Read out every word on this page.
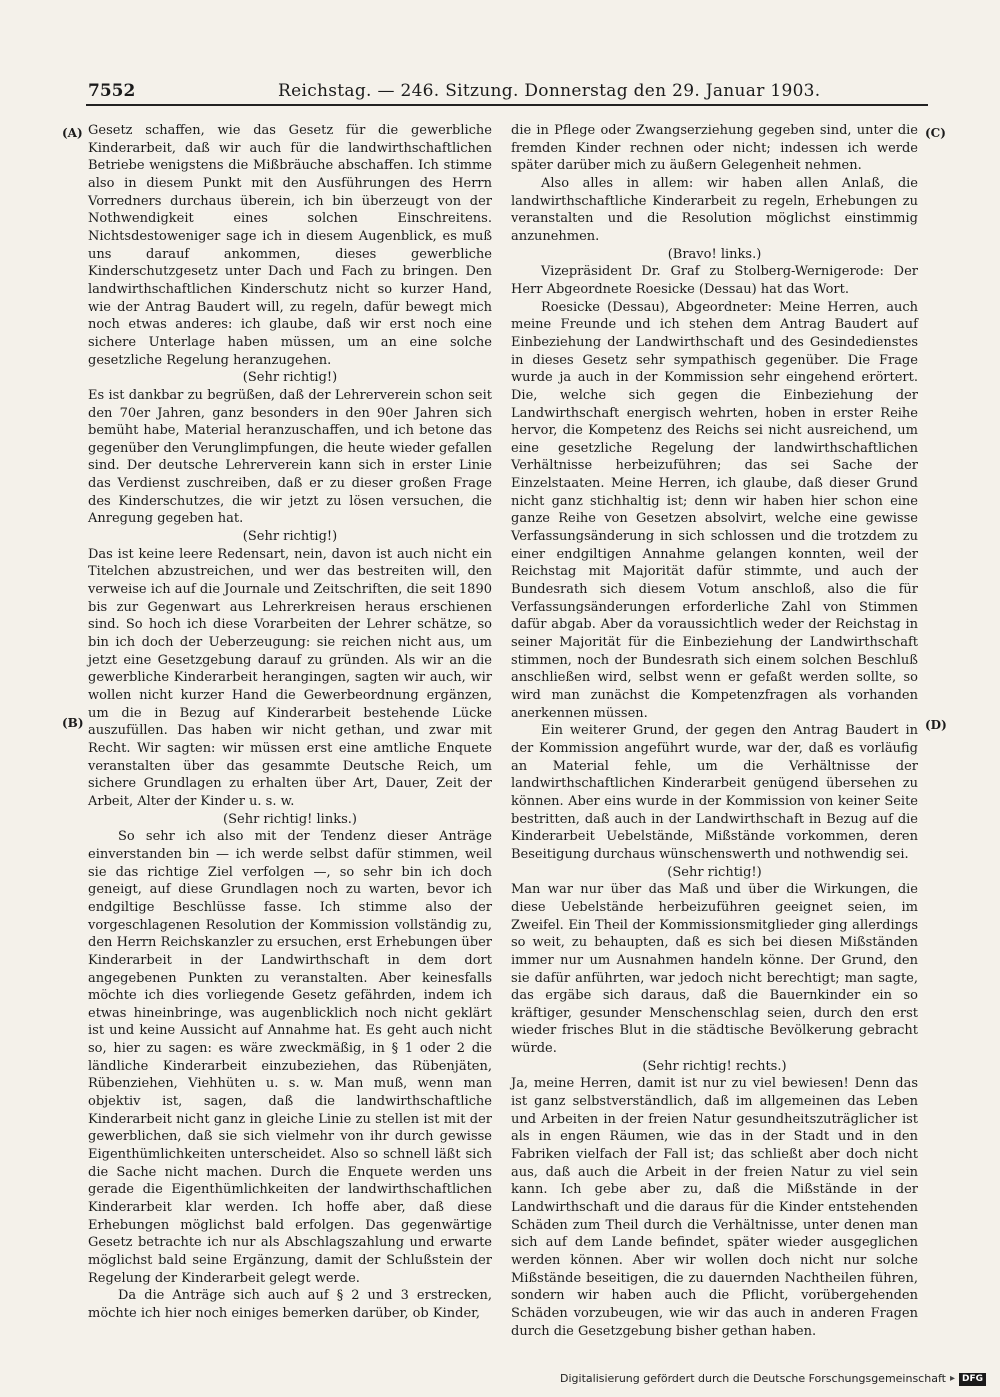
7552	Reichstag. — 246. Sitzung. Donnerstag den 29. Januar 1903.
(A)
(B)
(C)
(D)

Gesetz schaffen, wie das Gesetz für die gewerbliche Kinderarbeit, daß wir auch für die landwirthschaftlichen Betriebe wenigstens die Mißbräuche abschaffen. Ich stimme also in diesem Punkt mit den Ausführungen des Herrn Vorredners durchaus überein, ich bin überzeugt von der Nothwendigkeit eines solchen Einschreitens. Nichtsdestoweniger sage ich in diesem Augenblick, es muß uns darauf ankommen, dieses gewerbliche Kinderschutzgesetz unter Dach und Fach zu bringen. Den landwirthschaftlichen Kinderschutz nicht so kurzer Hand, wie der Antrag Baudert will, zu regeln, dafür bewegt mich noch etwas anderes: ich glaube, daß wir erst noch eine sichere Unterlage haben müssen, um an eine solche gesetzliche Regelung heranzugehen.

(Sehr richtig!)

Es ist dankbar zu begrüßen, daß der Lehrerverein schon seit den 70er Jahren, ganz besonders in den 90er Jahren sich bemüht habe, Material heranzuschaffen, und ich betone das gegenüber den Verunglimpfungen, die heute wieder gefallen sind. Der deutsche Lehrerverein kann sich in erster Linie das Verdienst zuschreiben, daß er zu dieser großen Frage des Kinderschutzes, die wir jetzt zu lösen versuchen, die Anregung gegeben hat.

(Sehr richtig!)

Das ist keine leere Redensart, nein, davon ist auch nicht ein Titelchen abzustreichen, und wer das bestreiten will, den verweise ich auf die Journale und Zeitschriften, die seit 1890 bis zur Gegenwart aus Lehrerkreisen heraus erschienen sind. So hoch ich diese Vorarbeiten der Lehrer schätze, so bin ich doch der Ueberzeugung: sie reichen nicht aus, um jetzt eine Gesetzgebung darauf zu gründen. Als wir an die gewerbliche Kinderarbeit herangingen, sagten wir auch, wir wollen nicht kurzer Hand die Gewerbeordnung ergänzen, um die in Bezug auf Kinderarbeit bestehende Lücke auszufüllen. Das haben wir nicht gethan, und zwar mit Recht. Wir sagten: wir müssen erst eine amtliche Enquete veranstalten über das gesammte Deutsche Reich, um sichere Grundlagen zu erhalten über Art, Dauer, Zeit der Arbeit, Alter der Kinder u. s. w.

(Sehr richtig! links.)

So sehr ich also mit der Tendenz dieser Anträge einverstanden bin — ich werde selbst dafür stimmen, weil sie das richtige Ziel verfolgen —, so sehr bin ich doch geneigt, auf diese Grundlagen noch zu warten, bevor ich endgiltige Beschlüsse fasse. Ich stimme also der vorgeschlagenen Resolution der Kommission vollständig zu, den Herrn Reichskanzler zu ersuchen, erst Erhebungen über Kinderarbeit in der Landwirthschaft in dem dort angegebenen Punkten zu veranstalten. Aber keinesfalls möchte ich dies vorliegende Gesetz gefährden, indem ich etwas hineinbringe, was augenblicklich noch nicht geklärt ist und keine Aussicht auf Annahme hat. Es geht auch nicht so, hier zu sagen: es wäre zweckmäßig, in § 1 oder 2 die ländliche Kinderarbeit einzubeziehen, das Rübenjäten, Rübenziehen, Viehhüten u. s. w. Man muß, wenn man objektiv ist, sagen, daß die landwirthschaftliche Kinderarbeit nicht ganz in gleiche Linie zu stellen ist mit der gewerblichen, daß sie sich vielmehr von ihr durch gewisse Eigenthümlichkeiten unterscheidet. Also so schnell läßt sich die Sache nicht machen. Durch die Enquete werden uns gerade die Eigenthümlichkeiten der landwirthschaftlichen Kinderarbeit klar werden. Ich hoffe aber, daß diese Erhebungen möglichst bald erfolgen. Das gegenwärtige Gesetz betrachte ich nur als Abschlagszahlung und erwarte möglichst bald seine Ergänzung, damit der Schlußstein der Regelung der Kinderarbeit gelegt werde.

Da die Anträge sich auch auf § 2 und 3 erstrecken, möchte ich hier noch einiges bemerken darüber, ob Kinder,

die in Pflege oder Zwangserziehung gegeben sind, unter die fremden Kinder rechnen oder nicht; indessen ich werde später darüber mich zu äußern Gelegenheit nehmen.

Also alles in allem: wir haben allen Anlaß, die landwirthschaftliche Kinderarbeit zu regeln, Erhebungen zu veranstalten und die Resolution möglichst einstimmig anzunehmen.

(Bravo! links.)

Vizepräsident Dr. Graf zu Stolberg-Wernigerode: Der Herr Abgeordnete Roesicke (Dessau) hat das Wort.

Roesicke (Dessau), Abgeordneter: Meine Herren, auch meine Freunde und ich stehen dem Antrag Baudert auf Einbeziehung der Landwirthschaft und des Gesindedienstes in dieses Gesetz sehr sympathisch gegenüber. Die Frage wurde ja auch in der Kommission sehr eingehend erörtert. Die, welche sich gegen die Einbeziehung der Landwirthschaft energisch wehrten, hoben in erster Reihe hervor, die Kompetenz des Reichs sei nicht ausreichend, um eine gesetzliche Regelung der landwirthschaftlichen Verhältnisse herbeizuführen; das sei Sache der Einzelstaaten. Meine Herren, ich glaube, daß dieser Grund nicht ganz stichhaltig ist; denn wir haben hier schon eine ganze Reihe von Gesetzen absolvirt, welche eine gewisse Verfassungsänderung in sich schlossen und die trotzdem zu einer endgiltigen Annahme gelangen konnten, weil der Reichstag mit Majorität dafür stimmte, und auch der Bundesrath sich diesem Votum anschloß, also die für Verfassungsänderungen erforderliche Zahl von Stimmen dafür abgab. Aber da voraussichtlich weder der Reichstag in seiner Majorität für die Einbeziehung der Landwirthschaft stimmen, noch der Bundesrath sich einem solchen Beschluß anschließen wird, selbst wenn er gefaßt werden sollte, so wird man zunächst die Kompetenzfragen als vorhanden anerkennen müssen.

Ein weiterer Grund, der gegen den Antrag Baudert in der Kommission angeführt wurde, war der, daß es vorläufig an Material fehle, um die Verhältnisse der landwirthschaftlichen Kinderarbeit genügend übersehen zu können. Aber eins wurde in der Kommission von keiner Seite bestritten, daß auch in der Landwirthschaft in Bezug auf die Kinderarbeit Uebelstände, Mißstände vorkommen, deren Beseitigung durchaus wünschenswerth und nothwendig sei.

(Sehr richtig!)

Man war nur über das Maß und über die Wirkungen, die diese Uebelstände herbeizuführen geeignet seien, im Zweifel. Ein Theil der Kommissionsmitglieder ging allerdings so weit, zu behaupten, daß es sich bei diesen Mißständen immer nur um Ausnahmen handeln könne. Der Grund, den sie dafür anführten, war jedoch nicht berechtigt; man sagte, das ergäbe sich daraus, daß die Bauernkinder ein so kräftiger, gesunder Menschenschlag seien, durch den erst wieder frisches Blut in die städtische Bevölkerung gebracht würde.

(Sehr richtig! rechts.)

Ja, meine Herren, damit ist nur zu viel bewiesen! Denn das ist ganz selbstverständlich, daß im allgemeinen das Leben und Arbeiten in der freien Natur gesundheitszuträglicher ist als in engen Räumen, wie das in der Stadt und in den Fabriken vielfach der Fall ist; das schließt aber doch nicht aus, daß auch die Arbeit in der freien Natur zu viel sein kann. Ich gebe aber zu, daß die Mißstände in der Landwirthschaft und die daraus für die Kinder entstehenden Schäden zum Theil durch die Verhältnisse, unter denen man sich auf dem Lande befindet, später wieder ausgeglichen werden können. Aber wir wollen doch nicht nur solche Mißstände beseitigen, die zu dauernden Nachtheilen führen, sondern wir haben auch die Pflicht, vorübergehenden Schäden vorzubeugen, wie wir das auch in anderen Fragen durch die Gesetzgebung bisher gethan haben.

Digitalisierung gefördert durch die Deutsche Forschungsgemeinschaft ▸ DFG
